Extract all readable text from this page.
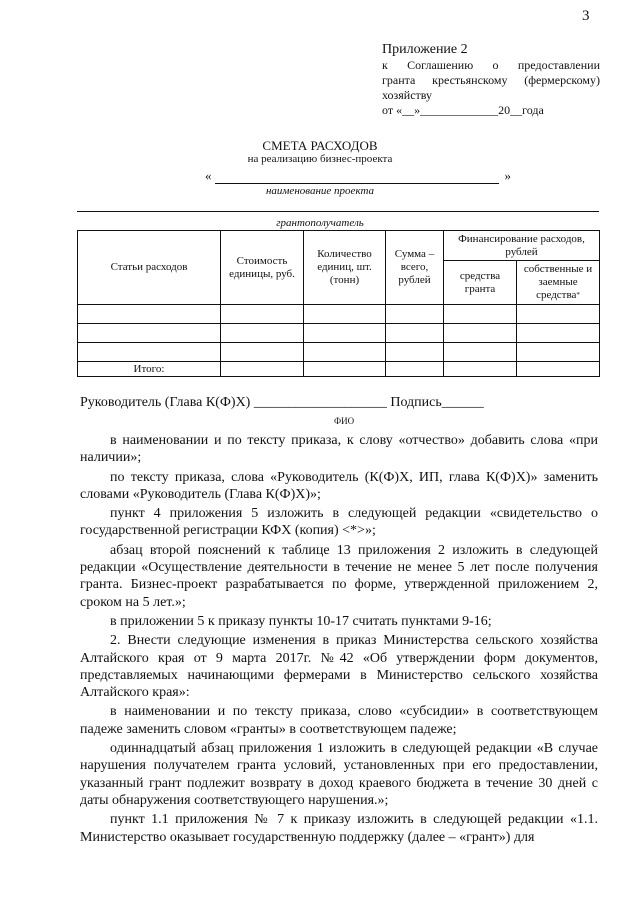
3
Приложение 2
к Соглашению о предоставлении
гранта крестьянскому (фермерскому)
хозяйству
от «__»_____________20__года
СМЕТА РАСХОДОВ
на реализацию бизнес-проекта
«	»
наименование проекта
грантополучатель
Статьи расходов	Стоимость единицы, руб.	Количество единиц, шт. (тонн)	Сумма – всего, рублей	Финансирование расходов, рублей	
				средства гранта	собственные и заемные средства*

Итого:					
Руководитель (Глава К(Ф)Х) ___________________ Подпись______
ФИО

в наименовании и по тексту приказа, к слову «отчество» добавить слова «при наличии»;

по тексту приказа, слова «Руководитель (К(Ф)Х, ИП, глава К(Ф)Х)» заменить словами «Руководитель (Глава К(Ф)Х)»;

пункт 4 приложения 5 изложить в следующей редакции «свидетельство о государственной регистрации КФХ (копия) <*>»;

абзац второй пояснений к таблице 13 приложения 2 изложить в следующей редакции «Осуществление деятельности в течение не менее 5 лет после получения гранта. Бизнес-проект разрабатывается по форме, утвержденной приложением 2, сроком на 5 лет.»;

в приложении 5 к приказу пункты 10-17 считать пунктами 9-16;

2. Внести следующие изменения в приказ Министерства сельского хозяйства Алтайского края от 9 марта 2017г. №42 «Об утверждении форм документов, представляемых начинающими фермерами в Министерство сельского хозяйства Алтайского края»:

в наименовании и по тексту приказа, слово «субсидии» в соответствующем падеже заменить словом «гранты» в соответствующем падеже;

одиннадцатый абзац приложения 1 изложить в следующей редакции «В случае нарушения получателем гранта условий, установленных при его предоставлении, указанный грант подлежит возврату в доход краевого бюджета в течение 30 дней с даты обнаружения соответствующего нарушения.»;

пункт 1.1 приложения № 7 к приказу изложить в следующей редакции «1.1. Министерство оказывает государственную поддержку (далее – «грант») для
